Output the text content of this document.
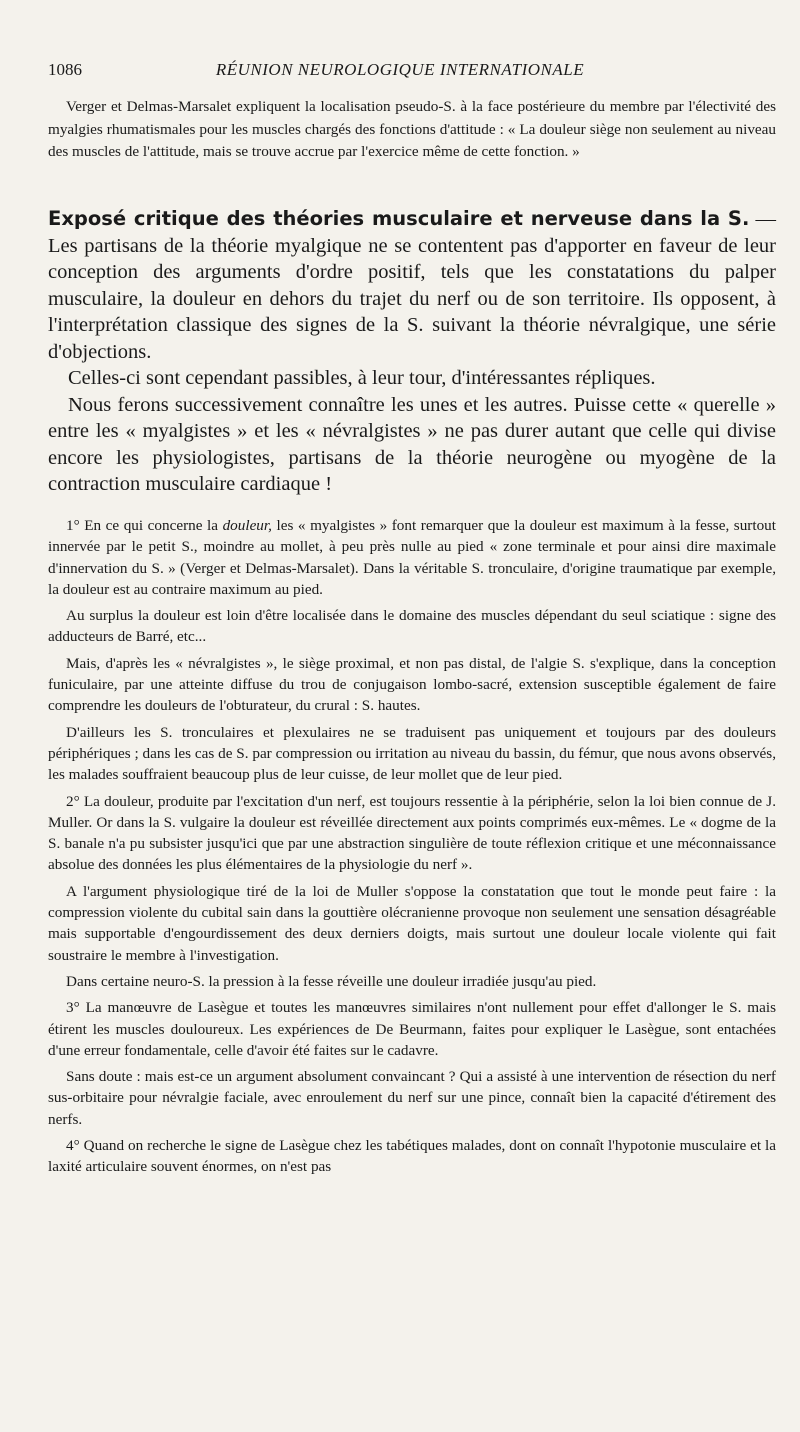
1086	RÉUNION NEUROLOGIQUE INTERNATIONALE

Verger et Delmas-Marsalet expliquent la localisation pseudo-S. à la face postérieure du membre par l'électivité des myalgies rhumatismales pour les muscles chargés des fonctions d'attitude : « La douleur siège non seulement au niveau des muscles de l'attitude, mais se trouve accrue par l'exercice même de cette fonction. »

Exposé critique des théories musculaire et nerveuse dans la S. — Les partisans de la théorie myalgique ne se contentent pas d'apporter en faveur de leur conception des arguments d'ordre positif, tels que les constatations du palper musculaire, la douleur en dehors du trajet du nerf ou de son territoire. Ils opposent, à l'interprétation classique des signes de la S. suivant la théorie névralgique, une série d'objections.

Celles-ci sont cependant passibles, à leur tour, d'intéressantes répliques.

Nous ferons successivement connaître les unes et les autres. Puisse cette « querelle » entre les « myalgistes » et les « névralgistes » ne pas durer autant que celle qui divise encore les physiologistes, partisans de la théorie neurogène ou myogène de la contraction musculaire cardiaque !

1° En ce qui concerne la douleur, les « myalgistes » font remarquer que la douleur est maximum à la fesse, surtout innervée par le petit S., moindre au mollet, à peu près nulle au pied « zone terminale et pour ainsi dire maximale d'innervation du S. » (Verger et Delmas-Marsalet). Dans la véritable S. tronculaire, d'origine traumatique par exemple, la douleur est au contraire maximum au pied.

Au surplus la douleur est loin d'être localisée dans le domaine des muscles dépendant du seul sciatique : signe des adducteurs de Barré, etc...

Mais, d'après les « névralgistes », le siège proximal, et non pas distal, de l'algie S. s'explique, dans la conception funiculaire, par une atteinte diffuse du trou de conjugaison lombo-sacré, extension susceptible également de faire comprendre les douleurs de l'obturateur, du crural : S. hautes.

D'ailleurs les S. tronculaires et plexulaires ne se traduisent pas uniquement et toujours par des douleurs périphériques ; dans les cas de S. par compression ou irritation au niveau du bassin, du fémur, que nous avons observés, les malades souffraient beaucoup plus de leur cuisse, de leur mollet que de leur pied.

2° La douleur, produite par l'excitation d'un nerf, est toujours ressentie à la périphérie, selon la loi bien connue de J. Muller. Or dans la S. vulgaire la douleur est réveillée directement aux points comprimés eux-mêmes. Le « dogme de la S. banale n'a pu subsister jusqu'ici que par une abstraction singulière de toute réflexion critique et une méconnaissance absolue des données les plus élémentaires de la physiologie du nerf ».

A l'argument physiologique tiré de la loi de Muller s'oppose la constatation que tout le monde peut faire : la compression violente du cubital sain dans la gouttière olécranienne provoque non seulement une sensation désagréable mais supportable d'engourdissement des deux derniers doigts, mais surtout une douleur locale violente qui fait soustraire le membre à l'investigation.

Dans certaine neuro-S. la pression à la fesse réveille une douleur irradiée jusqu'au pied.

3° La manœuvre de Lasègue et toutes les manœuvres similaires n'ont nullement pour effet d'allonger le S. mais étirent les muscles douloureux. Les expériences de De Beurmann, faites pour expliquer le Lasègue, sont entachées d'une erreur fondamentale, celle d'avoir été faites sur le cadavre.

Sans doute : mais est-ce un argument absolument convaincant ? Qui a assisté à une intervention de résection du nerf sus-orbitaire pour névralgie faciale, avec enroulement du nerf sur une pince, connaît bien la capacité d'étirement des nerfs.

4° Quand on recherche le signe de Lasègue chez les tabétiques malades, dont on connaît l'hypotonie musculaire et la laxité articulaire souvent énormes, on n'est pas
